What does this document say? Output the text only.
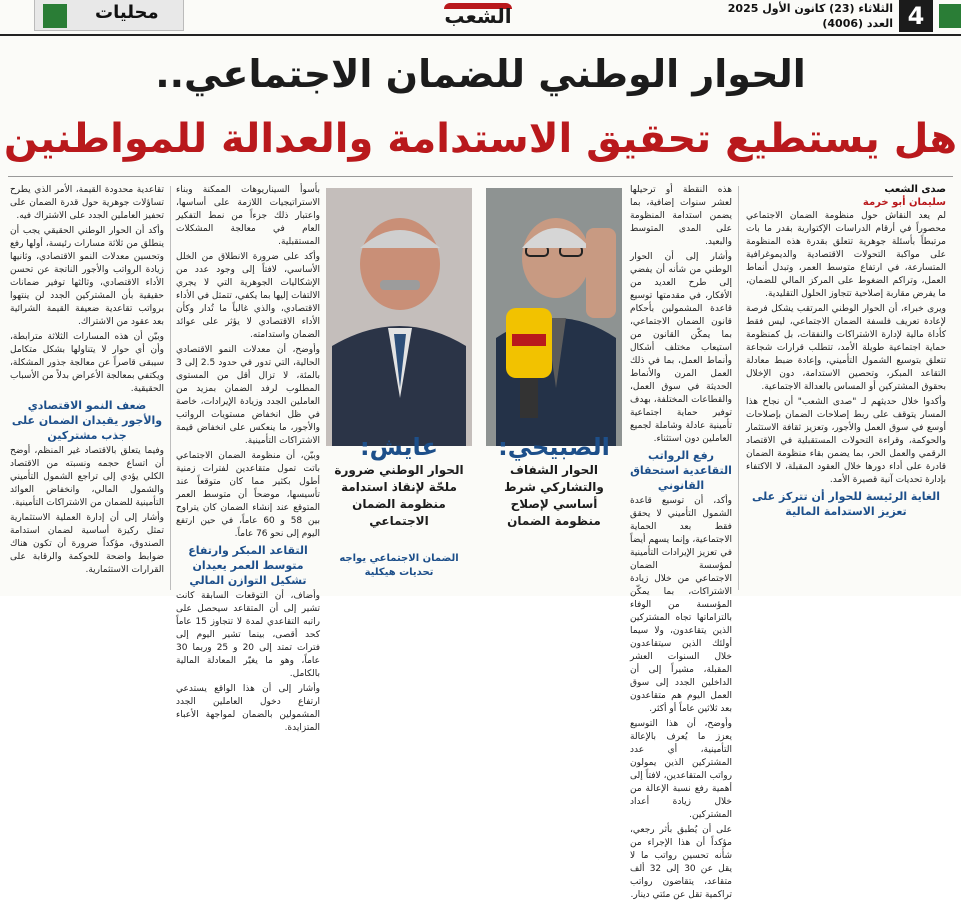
4
الثلاثاء (23) كانون الأول 2025
العدد (4006)
الشعب
محليات
الحوار الوطني للضمان الاجتماعي..
هل يستطيع تحقيق الاستدامة والعدالة للمواطنين

صدى الشعب

سليمان أبو خرمة

لم يعد النقاش حول منظومة الضمان الاجتماعي محصوراً في أرقام الدراسات الإكتوارية بقدر ما بات مرتبطاً بأسئلة جوهرية تتعلق بقدرة هذه المنظومة على مواكبة التحولات الاقتصادية والديموغرافية المتسارعة، في ارتفاع متوسط العمر، وتبدل أنماط العمل، وتراكم الضغوط على المركز المالي للضمان، ما يفرض مقاربة إصلاحية تتجاوز الحلول التقليدية.

ويرى خبراء، أن الحوار الوطني المرتقب يشكل فرصة لإعادة تعريف فلسفة الضمان الاجتماعي، ليس فقط كأداة مالية لإدارة الاشتراكات والنفقات، بل كمنظومة حماية اجتماعية طويلة الأمد، تتطلب قرارات شجاعة تتعلق بتوسيع الشمول التأميني، وإعادة ضبط معادلة التقاعد المبكر، وتحصين الاستدامة، دون الإخلال بحقوق المشتركين أو المساس بالعدالة الاجتماعية.

وأكدوا خلال حديثهم لـ "صدى الشعب" أن نجاح هذا المسار يتوقف على ربط إصلاحات الضمان بإصلاحات أوسع في سوق العمل والأجور، وتعزيز ثقافة الاستثمار والحوكمة، وقراءة التحولات المستقبلية في الاقتصاد الرقمي والعمل الحر، بما يضمن بقاء منظومة الضمان قادرة على أداء دورها خلال العقود المقبلة، لا الاكتفاء بإدارة تحديات آنية قصيرة الأمد.

الغاية الرئيسة للحوار أن تتركز على تعزيز الاستدامة المالية

هذه النقطة أو ترحيلها لعشر سنوات إضافية، بما يضمن استدامة المنظومة على المدى المتوسط والبعيد.

وأشار إلى أن الحوار الوطني من شأنه أن يفضي إلى طرح العديد من الأفكار، في مقدمتها توسيع قاعدة المشمولين بأحكام قانون الضمان الاجتماعي، بما يمكّن القانون من استيعاب مختلف أشكال وأنماط العمل، بما في ذلك العمل المرن والأنماط الحديثة في سوق العمل، والقطاعات المختلفة، بهدف توفير حماية اجتماعية تأمينية عادلة وشاملة لجميع العاملين دون استثناء.

رفع الرواتب التقاعدية استحقاق القانوني

وأكد، أن توسيع قاعدة الشمول التأميني لا يحقق فقط بعد الحماية الاجتماعية، وإنما يسهم أيضاً في تعزيز الإيرادات التأمينية لمؤسسة الضمان الاجتماعي من خلال زيادة الاشتراكات، بما يمكّن المؤسسة من الوفاء بالتزاماتها تجاه المشتركين الذين يتقاعدون، ولا سيما أولئك الذين سيتقاعدون خلال السنوات العشر المقبلة، مشيراً إلى أن الداخلين الجدد إلى سوق العمل اليوم هم متقاعدون بعد ثلاثين عاماً أو أكثر.

وأوضح، أن هذا التوسيع يعزز ما يُعرف بالإعالة التأمينية، أي عدد المشتركين الذين يمولون رواتب المتقاعدين، لافتاً إلى أهمية رفع نسبة الإعالة من خلال زيادة أعداد المشتركين.

على أن يُطبق بأثر رجعي، مؤكداً أن هذا الإجراء من شأنه تحسين رواتب ما لا يقل عن 30 إلى 32 ألف متقاعد، يتقاضون رواتب تراكمية تقل عن مئتي دينار.

الصبيحي:

الحوار الشفاف والتشاركي شرط أساسي لإصلاح منظومة الضمان

عايش:

الحوار الوطني ضرورة ملحّة لإنقاذ استدامة منظومة الضمان الاجتماعي

الضمان الاجتماعي يواجه تحديات هيكلية

بأسوأ السيناريوهات الممكنة وبناء الاستراتيجيات اللازمة على أساسها، واعتبار ذلك جزءاً من نمط التفكير العام في معالجة المشكلات المستقبلية.

وأكد على ضرورة الانطلاق من الخلل الأساسي، لافتاً إلى وجود عدد من الإشكاليات الجوهرية التي لا يجري الالتفات إليها بما يكفي، تتمثل في الأداء الاقتصادي، والذي غالباً ما تُدار وكأن الأداء الاقتصادي لا يؤثر على عوائد الضمان واستدامته.

وأوضح، أن معدلات النمو الاقتصادي الحالية، التي تدور في حدود 2.5 إلى 3 بالمئة، لا تزال أقل من المستوى المطلوب لرفد الضمان بمزيد من العاملين الجدد وزيادة الإيرادات، خاصة في ظل انخفاض مستويات الرواتب والأجور، ما ينعكس على انخفاض قيمة الاشتراكات التأمينية.

وبيّن، أن منظومة الضمان الاجتماعي باتت تمول متقاعدين لفترات زمنية أطول بكثير مما كان متوقعاً عند تأسيسها، موضحاً أن متوسط العمر المتوقع عند إنشاء الضمان كان يتراوح بين 58 و 60 عاماً، في حين ارتفع اليوم إلى نحو 76 عاماً.

التقاعد المبكر وارتفاع متوسط العمر يعيدان تشكيل التوازن المالي

وأضاف، أن التوقعات السابقة كانت تشير إلى أن المتقاعد سيحصل على راتبه التقاعدي لمدة لا تتجاوز 15 عاماً كحد أقصى، بينما تشير اليوم إلى فترات تمتد إلى 20 و 25 وربما 30 عاماً، وهو ما يغيّر المعادلة المالية بالكامل.

وأشار إلى أن هذا الواقع يستدعي ارتفاع دخول العاملين الجدد المشمولين بالضمان لمواجهة الأعباء المتزايدة.

تقاعدية محدودة القيمة، الأمر الذي يطرح تساؤلات جوهرية حول قدرة الضمان على تحفيز العاملين الجدد على الاشتراك فيه.

وأكد أن الحوار الوطني الحقيقي يجب أن ينطلق من ثلاثة مسارات رئيسة، أولها رفع وتحسين معدلات النمو الاقتصادي، وثانيها زيادة الرواتب والأجور الناتجة عن تحسن الأداء الاقتصادي، وثالثها توفير ضمانات حقيقية بأن المشتركين الجدد لن ينتهوا برواتب تقاعدية ضعيفة القيمة الشرائية بعد عقود من الاشتراك.

وبيّن أن هذه المسارات الثلاثة مترابطة، وأن أي حوار لا يتناولها بشكل متكامل سيبقى قاصراً عن معالجة جذور المشكلة، ويكتفي بمعالجة الأعراض بدلاً من الأسباب الحقيقية.

ضعف النمو الاقتصادي والأجور يقيدان الضمان على جذب مشتركين

وفيما يتعلق بالاقتصاد غير المنظم، أوضح أن اتساع حجمه ونسبته من الاقتصاد الكلي يؤدي إلى تراجع الشمول التأميني والشمول المالي، وانخفاض العوائد التأمينية للضمان من الاشتراكات التأمينية.

وأشار إلى أن إدارة العملية الاستثمارية تمثل ركيزة أساسية لضمان استدامة الصندوق، مؤكداً ضرورة أن تكون هناك ضوابط واضحة للحوكمة والرقابة على القرارات الاستثمارية.
